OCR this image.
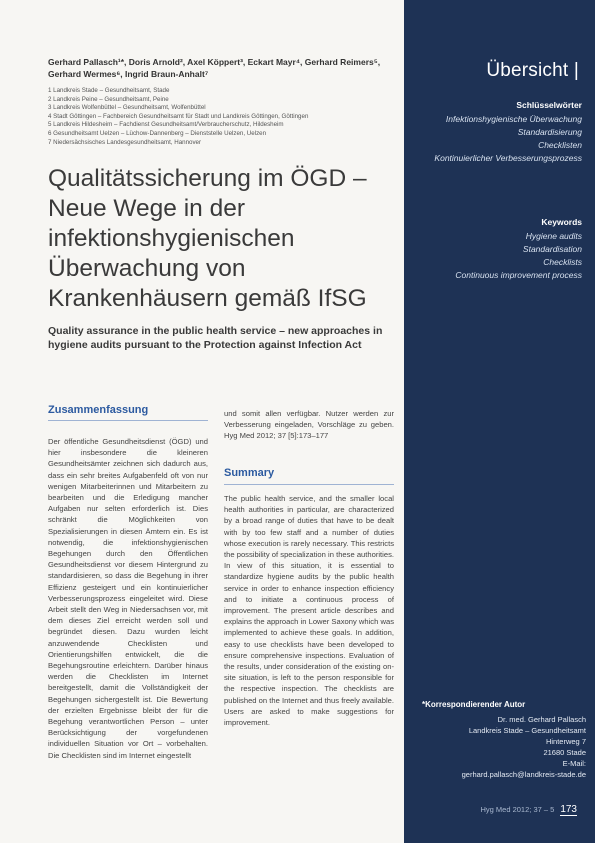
Gerhard Pallasch¹*, Doris Arnold², Axel Köppert³, Eckart Mayr⁴, Gerhard Reimers⁵, Gerhard Wermes⁶, Ingrid Braun-Anhalt⁷
1 Landkreis Stade – Gesundheitsamt, Stade
2 Landkreis Peine – Gesundheitsamt, Peine
3 Landkreis Wolfenbüttel – Gesundheitsamt, Wolfenbüttel
4 Stadt Göttingen – Fachbereich Gesundheitsamt für Stadt und Landkreis Göttingen, Göttingen
5 Landkreis Hildesheim – Fachdienst Gesundheitsamt/Verbraucherschutz, Hildesheim
6 Gesundheitsamt Uelzen – Lüchow-Dannenberg – Dienststelle Uelzen, Uelzen
7 Niedersächsisches Landesgesundheitsamt, Hannover
Qualitätssicherung im ÖGD – Neue Wege in der infektionshygienischen Überwachung von Krankenhäusern gemäß IfSG
Quality assurance in the public health service – new approaches in hygiene audits pursuant to the Protection against Infection Act
Zusammenfassung
Der öffentliche Gesundheitsdienst (ÖGD) und hier insbesondere die kleineren Gesundheitsämter zeichnen sich dadurch aus, dass ein sehr breites Aufgabenfeld oft von nur wenigen Mitarbeiterinnen und Mitarbeitern zu bearbeiten und die Erledigung mancher Aufgaben nur selten erforderlich ist. Dies schränkt die Möglichkeiten von Spezialisierungen in diesen Ämtern ein. Es ist notwendig, die infektionshygienischen Begehungen durch den Öffentlichen Gesundheitsdienst vor diesem Hintergrund zu standardisieren, so dass die Begehung in ihrer Effizienz gesteigert und ein kontinuierlicher Verbesserungsprozess eingeleitet wird. Diese Arbeit stellt den Weg in Niedersachsen vor, mit dem dieses Ziel erreicht werden soll und begründet diesen. Dazu wurden leicht anzuwendende Checklisten und Orientierungshilfen entwickelt, die die Begehungsroutine erleichtern. Darüber hinaus werden die Checklisten im Internet bereitgestellt, damit die Vollständigkeit der Begehungen sichergestellt ist. Die Bewertung der erzielten Ergebnisse bleibt der für die Begehung verantwortlichen Person – unter Berücksichtigung der vorgefundenen individuellen Situation vor Ort – vorbehalten. Die Checklisten sind im Internet eingestellt
und somit allen verfügbar. Nutzer werden zur Verbesserung eingeladen, Vorschläge zu geben. Hyg Med 2012; 37 [5]:173–177
Summary
The public health service, and the smaller local health authorities in particular, are characterized by a broad range of duties that have to be dealt with by too few staff and a number of duties whose execution is rarely necessary. This restricts the possibility of specialization in these authorities. In view of this situation, it is essential to standardize hygiene audits by the public health service in order to enhance inspection efficiency and to initiate a continuous process of improvement. The present article describes and explains the approach in Lower Saxony which was implemented to achieve these goals. In addition, easy to use checklists have been developed to ensure comprehensive inspections. Evaluation of the results, under consideration of the existing on-site situation, is left to the person responsible for the respective inspection. The checklists are published on the Internet and thus freely available. Users are asked to make suggestions for improvement.
Übersicht |
Schlüsselwörter
Infektionshygienische Überwachung
Standardisierung
Checklisten
Kontinuierlicher Verbesserungsprozess
Keywords
Hygiene audits
Standardisation
Checklists
Continuous improvement process
*Korrespondierender Autor
Dr. med. Gerhard Pallasch
Landkreis Stade – Gesundheitsamt
Hinterweg 7
21680 Stade
E-Mail:
gerhard.pallasch@landkreis-stade.de
Hyg Med 2012; 37 – 5 173
